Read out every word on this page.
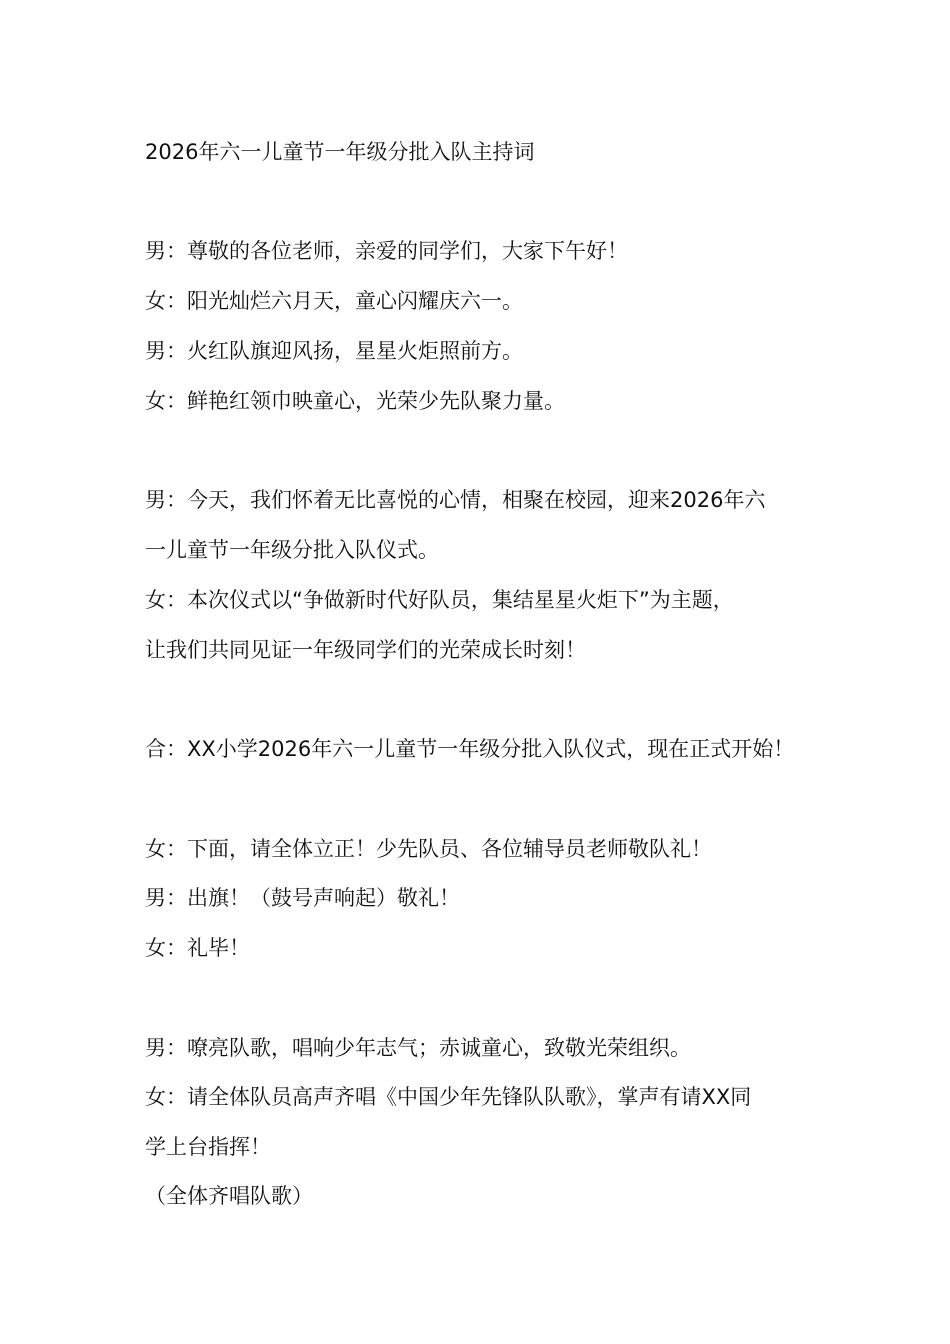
2026年六一儿童节一年级分批入队主持词
男：尊敬的各位老师，亲爱的同学们，大家下午好！
女：阳光灿烂六月天，童心闪耀庆六一。
男：火红队旗迎风扬，星星火炬照前方。
女：鲜艳红领巾映童心，光荣少先队聚力量。
男：今天，我们怀着无比喜悦的心情，相聚在校园，迎来2026年六
一儿童节一年级分批入队仪式。
女：本次仪式以“争做新时代好队员，集结星星火炬下”为主题，
让我们共同见证一年级同学们的光荣成长时刻！
合：XX小学2026年六一儿童节一年级分批入队仪式，现在正式开始！
女：下面，请全体立正！少先队员、各位辅导员老师敬队礼！
男：出旗！（鼓号声响起）敬礼！
女：礼毕！
男：嘹亮队歌，唱响少年志气；赤诚童心，致敬光荣组织。
女：请全体队员高声齐唱《中国少年先锋队队歌》，掌声有请XX同
学上台指挥！
（全体齐唱队歌）
